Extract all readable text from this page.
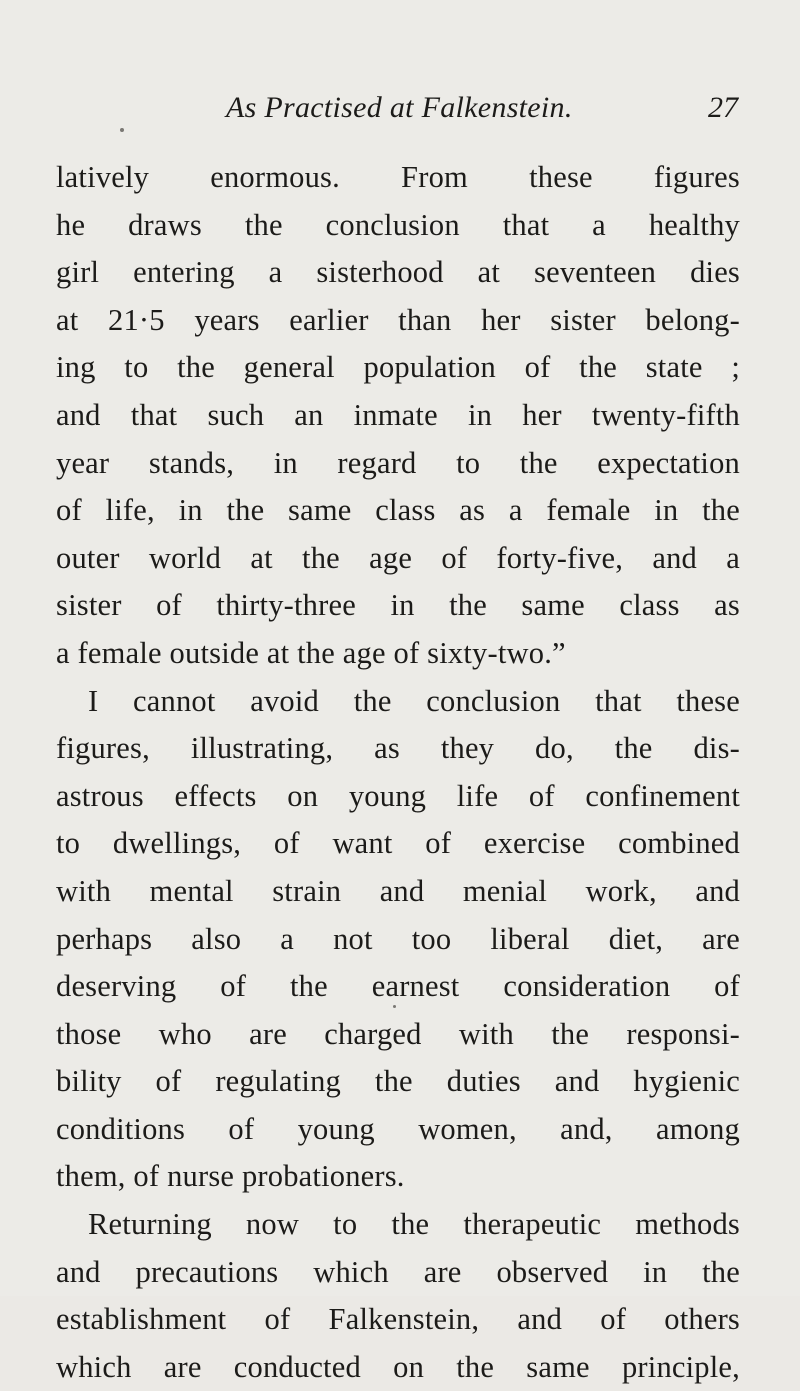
As Practised at Falkenstein.	27
latively enormous. From these figures
he draws the conclusion that a healthy
girl entering a sisterhood at seventeen dies
at 21·5 years earlier than her sister belong-
ing to the general population of the state ;
and that such an inmate in her twenty-fifth
year stands, in regard to the expectation
of life, in the same class as a female in the
outer world at the age of forty-five, and a
sister of thirty-three in the same class as
a female outside at the age of sixty-two.”
I cannot avoid the conclusion that these
figures, illustrating, as they do, the dis-
astrous effects on young life of confinement
to dwellings, of want of exercise combined
with mental strain and menial work, and
perhaps also a not too liberal diet, are
deserving of the earnest consideration of
those who are charged with the responsi-
bility of regulating the duties and hygienic
conditions of young women, and, among
them, of nurse probationers.
Returning now to the therapeutic methods
and precautions which are observed in the
establishment of Falkenstein, and of others
which are conducted on the same principle,
